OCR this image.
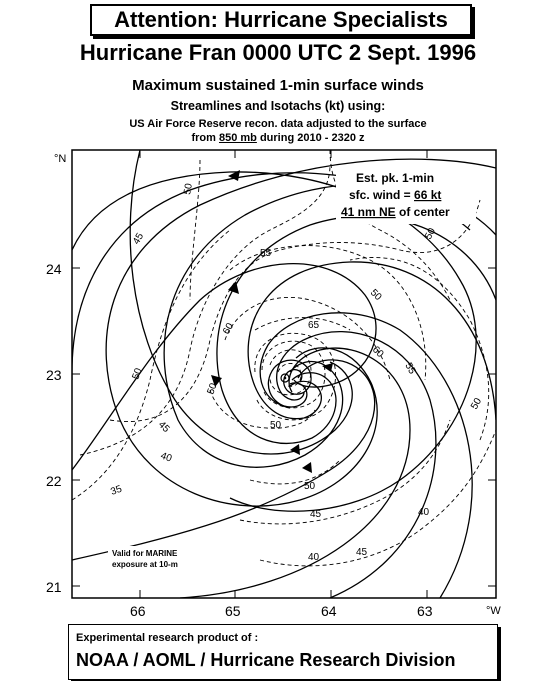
Attention: Hurricane Specialists
Hurricane Fran 0000 UTC 2 Sept. 1996
Maximum sustained 1-min surface winds
Streamlines and Isotachs (kt) using:
US Air Force Reserve recon. data adjusted to the surface
from 850 mb during 2010 - 2320 z
50
45
55
50
50
60	65
60
55
50
50
50
40
45
50
45
40
35
50
45
40
°N
24
23
22
21
66	65	64	63	°W
Est. pk. 1-min
sfc. wind = 66 kt
41 nm NE of center
Valid for MARINE
exposure at 10-m
Experimental research product of :
NOAA / AOML / Hurricane Research Division
